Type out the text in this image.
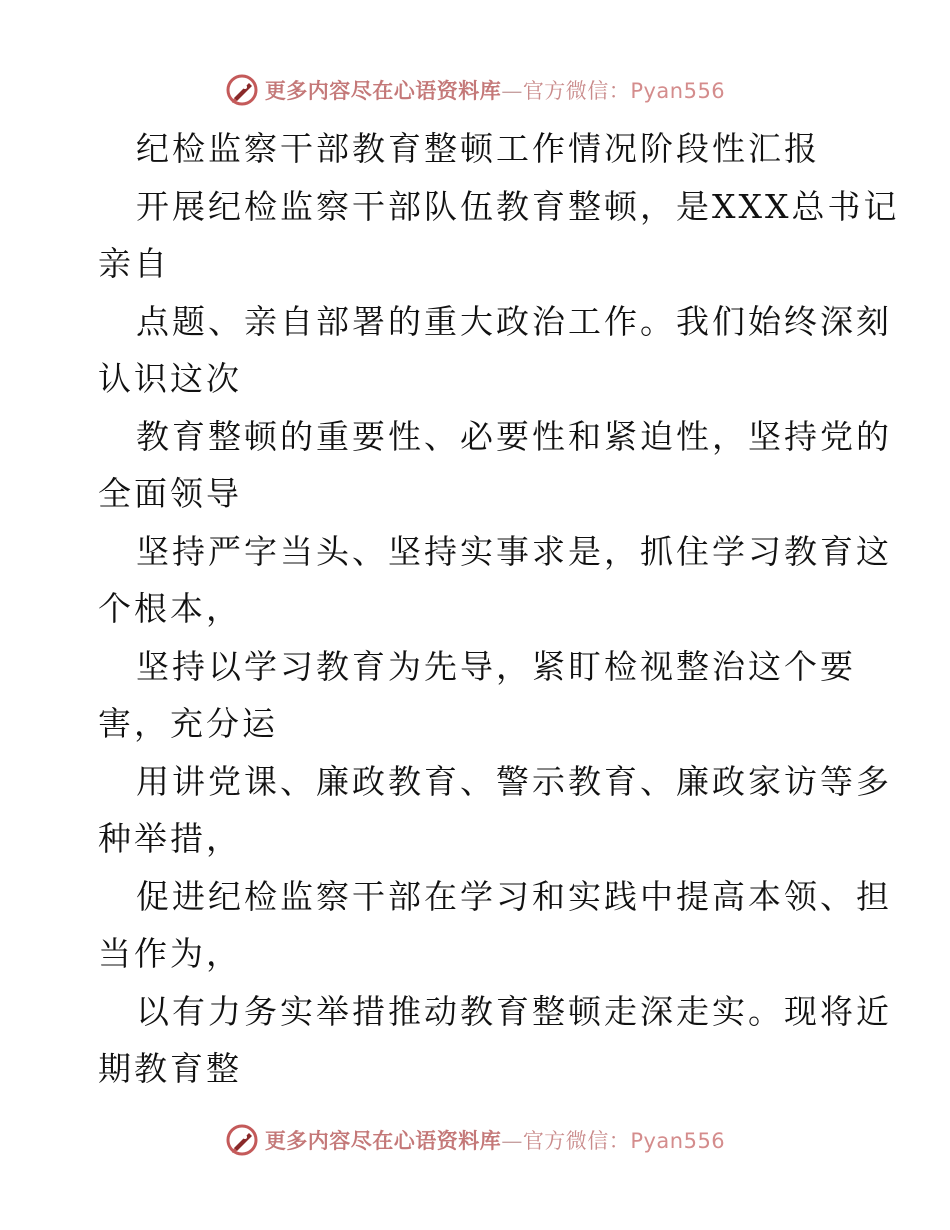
更多内容尽在心语资料库—官方微信：Pyan556
纪检监察干部教育整顿工作情况阶段性汇报
开展纪检监察干部队伍教育整顿，是XXX总书记
亲自
点题、亲自部署的重大政治工作。我们始终深刻
认识这次
教育整顿的重要性、必要性和紧迫性，坚持党的
全面领导
坚持严字当头、坚持实事求是，抓住学习教育这
个根本，
坚持以学习教育为先导，紧盯检视整治这个要
害，充分运
用讲党课、廉政教育、警示教育、廉政家访等多
种举措，
促进纪检监察干部在学习和实践中提高本领、担
当作为，
以有力务实举措推动教育整顿走深走实。现将近
期教育整
更多内容尽在心语资料库—官方微信：Pyan556
